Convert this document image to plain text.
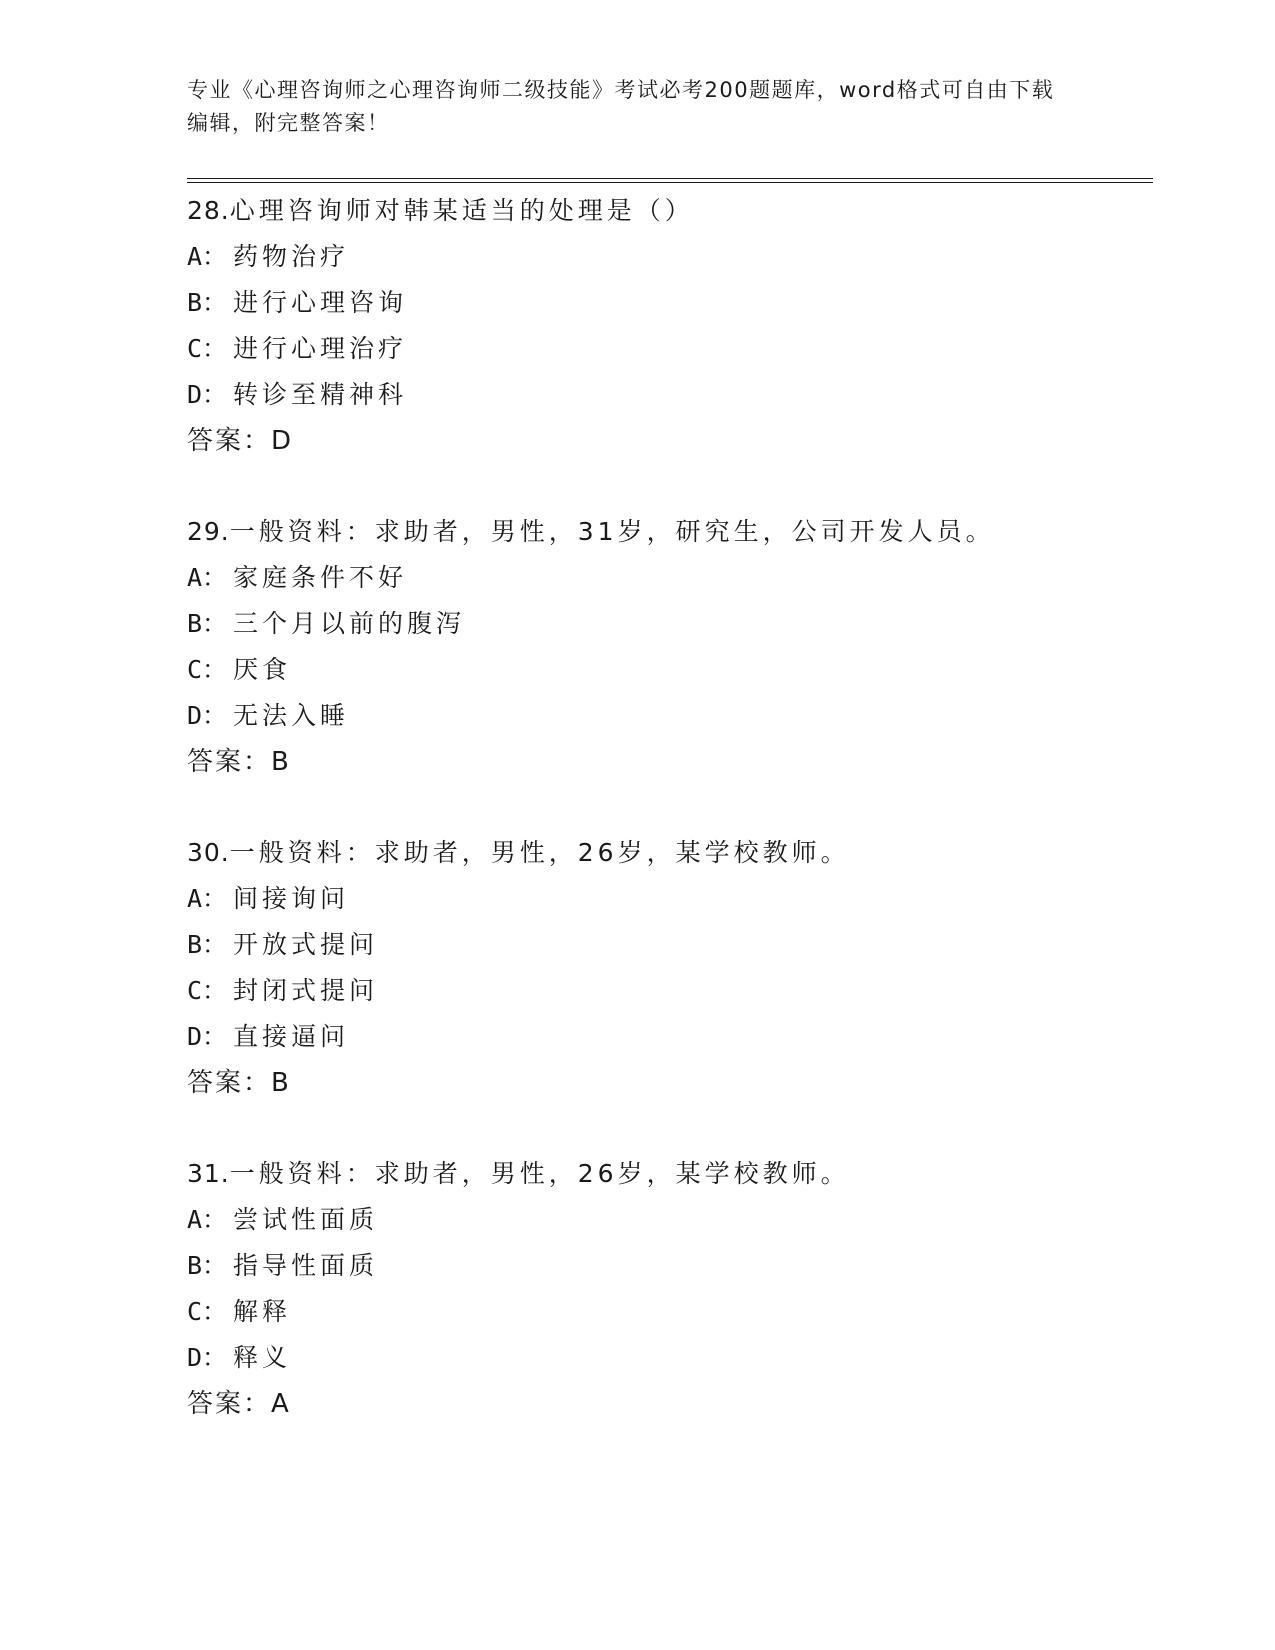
专业《心理咨询师之心理咨询师二级技能》考试必考200题题库，word格式可自由下载编辑，附完整答案！
28.心理咨询师对韩某适当的处理是（）
A： 药物治疗
B： 进行心理咨询
C： 进行心理治疗
D： 转诊至精神科
答案：D
29.一般资料：求助者，男性，31岁，研究生，公司开发人员。
A： 家庭条件不好
B： 三个月以前的腹泻
C： 厌食
D： 无法入睡
答案：B
30.一般资料：求助者，男性，26岁，某学校教师。
A： 间接询问
B： 开放式提问
C： 封闭式提问
D： 直接逼问
答案：B
31.一般资料：求助者，男性，26岁，某学校教师。
A： 尝试性面质
B： 指导性面质
C： 解释
D： 释义
答案：A
